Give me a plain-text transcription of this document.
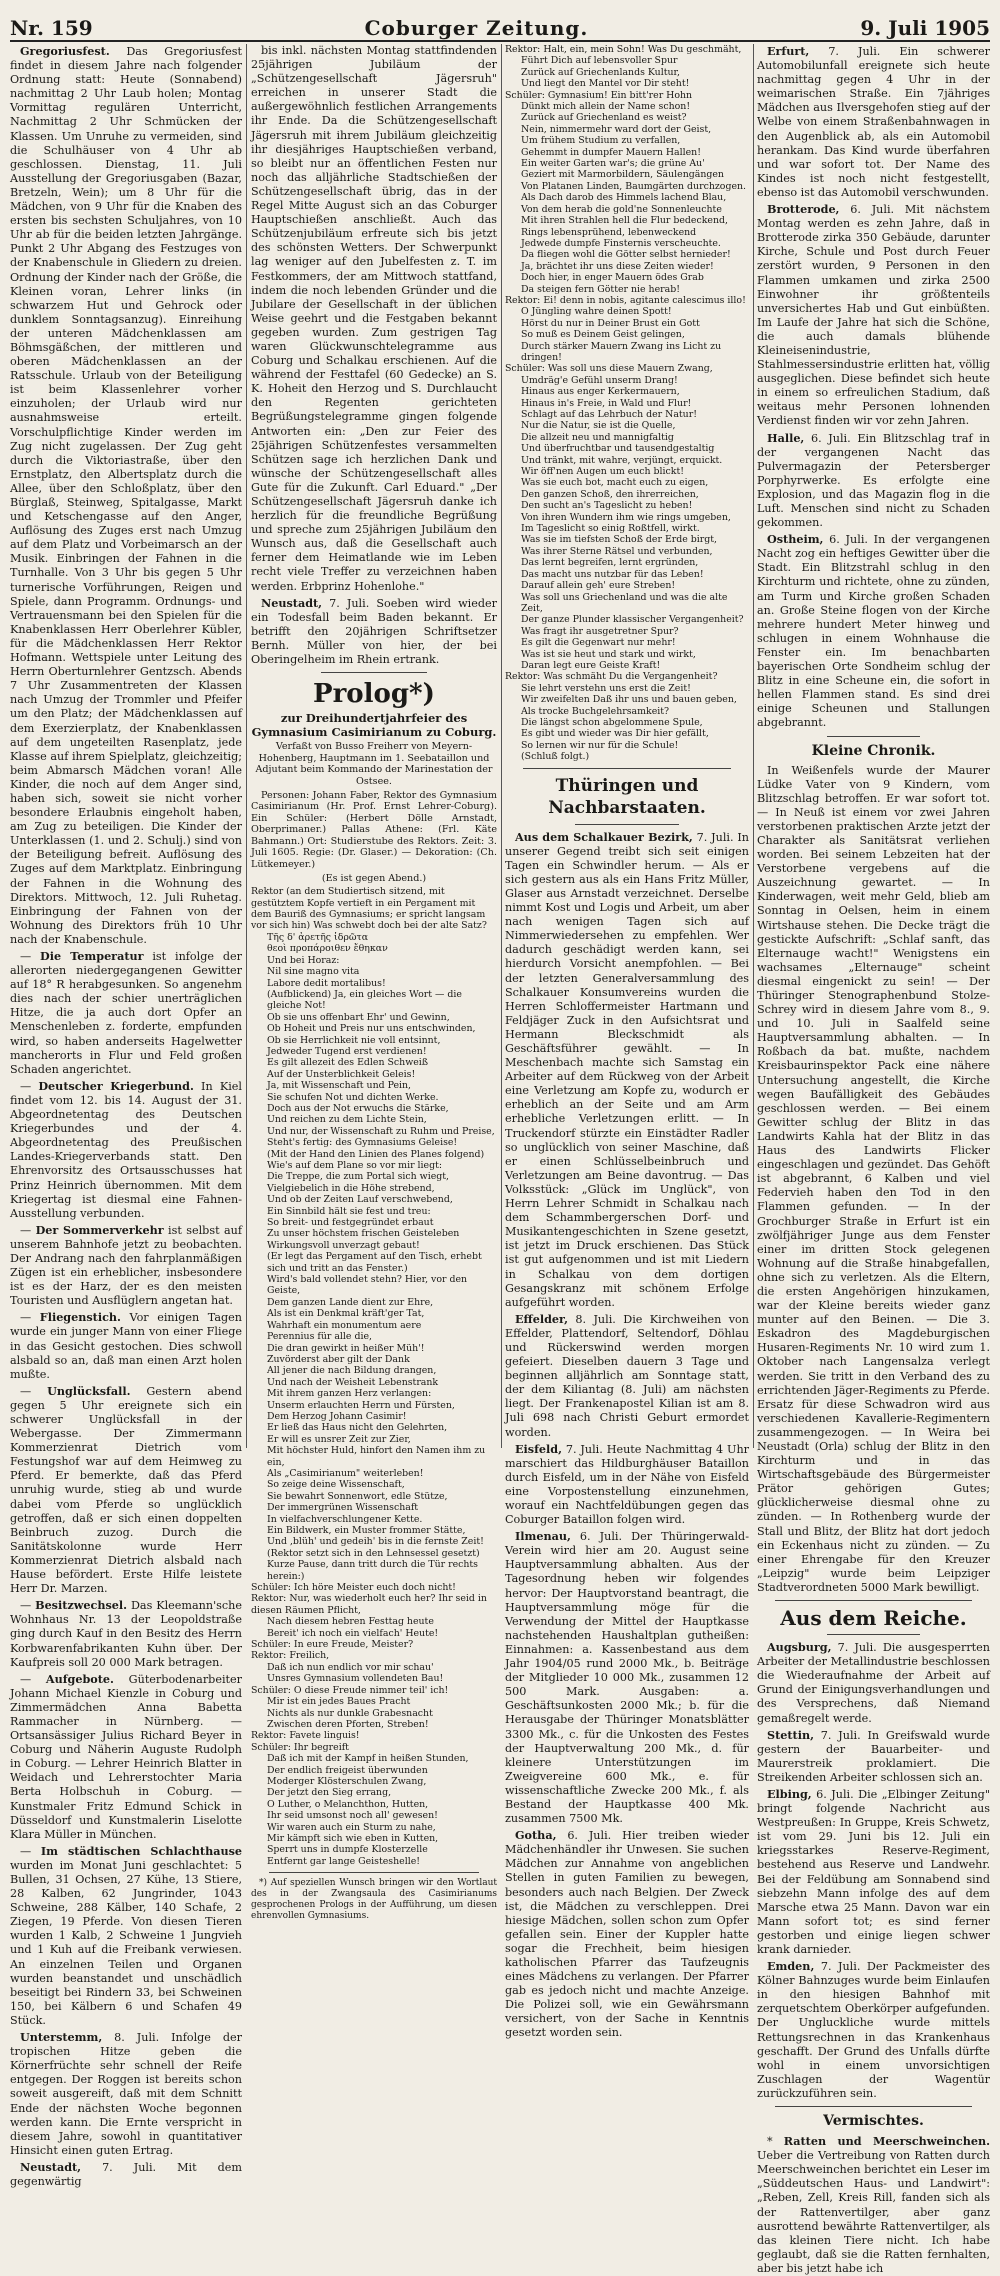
Nr. 159	Coburger Zeitung.	9. Juli 1905

Gregoriusfest. Das Gregoriusfest findet in diesem Jahre nach folgender Ordnung statt: Heute (Sonnabend) nachmittag 2 Uhr Laub holen; Montag Vormittag regulären Unterricht, Nachmittag 2 Uhr Schmücken der Klassen. Um Unruhe zu vermeiden, sind die Schulhäuser von 4 Uhr ab geschlossen. Dienstag, 11. Juli Ausstellung der Gregoriusgaben (Bazar, Bretzeln, Wein); um 8 Uhr für die Mädchen, von 9 Uhr für die Knaben des ersten bis sechsten Schuljahres, von 10 Uhr ab für die beiden letzten Jahrgänge. Punkt 2 Uhr Abgang des Festzuges von der Knabenschule in Gliedern zu dreien. Ordnung der Kinder nach der Größe, die Kleinen voran, Lehrer links (in schwarzem Hut und Gehrock oder dunklem Sonntagsanzug). Einreihung der unteren Mädchenklassen am Böhmsgäßchen, der mittleren und oberen Mädchenklassen an der Ratsschule. Urlaub von der Beteiligung ist beim Klassenlehrer vorher einzuholen; der Urlaub wird nur ausnahmsweise erteilt. Vorschulpflichtige Kinder werden im Zug nicht zugelassen. Der Zug geht durch die Viktoriastraße, über den Ernstplatz, den Albertsplatz durch die Allee, über den Schloßplatz, über den Bürglaß, Steinweg, Spitalgasse, Markt und Ketschengasse auf den Anger, Auflösung des Zuges erst nach Umzug auf dem Platz und Vorbeimarsch an der Musik. Einbringen der Fahnen in die Turnhalle. Von 3 Uhr bis gegen 5 Uhr turnerische Vorführungen, Reigen und Spiele, dann Programm. Ordnungs- und Vertrauensmann bei den Spielen für die Knabenklassen Herr Oberlehrer Kübler, für die Mädchenklassen Herr Rektor Hofmann. Wettspiele unter Leitung des Herrn Oberturnlehrer Gentzsch. Abends 7 Uhr Zusammentreten der Klassen nach Umzug der Trommler und Pfeifer um den Platz; der Mädchenklassen auf dem Exerzierplatz, der Knabenklassen auf dem ungeteilten Rasenplatz, jede Klasse auf ihrem Spielplatz, gleichzeitig; beim Abmarsch Mädchen voran! Alle Kinder, die noch auf dem Anger sind, haben sich, soweit sie nicht vorher besondere Erlaubnis eingeholt haben, am Zug zu beteiligen. Die Kinder der Unterklassen (1. und 2. Schulj.) sind von der Beteiligung befreit. Auflösung des Zuges auf dem Marktplatz. Einbringung der Fahnen in die Wohnung des Direktors. Mittwoch, 12. Juli Ruhetag. Einbringung der Fahnen von der Wohnung des Direktors früh 10 Uhr nach der Knabenschule.

— Die Temperatur ist infolge der allerorten niedergegangenen Gewitter auf 18° R herabgesunken. So angenehm dies nach der schier unerträglichen Hitze, die ja auch dort Opfer an Menschenleben z. forderte, empfunden wird, so haben anderseits Hagelwetter mancherorts in Flur und Feld großen Schaden angerichtet.

— Deutscher Kriegerbund. In Kiel findet vom 12. bis 14. August der 31. Abgeordnetentag des Deutschen Kriegerbundes und der 4. Abgeordnetentag des Preußischen Landes-Kriegerverbands statt. Den Ehrenvorsitz des Ortsausschusses hat Prinz Heinrich übernommen. Mit dem Kriegertag ist diesmal eine Fahnen-Ausstellung verbunden.

— Der Sommerverkehr ist selbst auf unserem Bahnhofe jetzt zu beobachten. Der Andrang nach den fahrplanmäßigen Zügen ist ein erheblicher, insbesondere ist es der Harz, der es den meisten Touristen und Ausflüglern angetan hat.

— Fliegenstich. Vor einigen Tagen wurde ein junger Mann von einer Fliege in das Gesicht gestochen. Dies schwoll alsbald so an, daß man einen Arzt holen mußte.

— Unglücksfall. Gestern abend gegen 5 Uhr ereignete sich ein schwerer Unglücksfall in der Webergasse. Der Zimmermann Kommerzienrat Dietrich vom Festungshof war auf dem Heimweg zu Pferd. Er bemerkte, daß das Pferd unruhig wurde, stieg ab und wurde dabei vom Pferde so unglücklich getroffen, daß er sich einen doppelten Beinbruch zuzog. Durch die Sanitätskolonne wurde Herr Kommerzienrat Dietrich alsbald nach Hause befördert. Erste Hilfe leistete Herr Dr. Marzen.

— Besitzwechsel. Das Kleemann'sche Wohnhaus Nr. 13 der Leopoldstraße ging durch Kauf in den Besitz des Herrn Korbwarenfabrikanten Kuhn über. Der Kaufpreis soll 20 000 Mark betragen.

— Aufgebote. Güterbodenarbeiter Johann Michael Kienzle in Coburg und Zimmermädchen Anna Babetta Rammacher in Nürnberg. — Ortsansässiger Julius Richard Beyer in Coburg und Näherin Auguste Rudolph in Coburg. — Lehrer Heinrich Blatter in Weidach und Lehrerstochter Maria Berta Holbschuh in Coburg. — Kunstmaler Fritz Edmund Schick in Düsseldorf und Kunstmalerin Liselotte Klara Müller in München.

— Im städtischen Schlachthause wurden im Monat Juni geschlachtet: 5 Bullen, 31 Ochsen, 27 Kühe, 13 Stiere, 28 Kalben, 62 Jungrinder, 1043 Schweine, 288 Kälber, 140 Schafe, 2 Ziegen, 19 Pferde. Von diesen Tieren wurden 1 Kalb, 2 Schweine 1 Jungvieh und 1 Kuh auf die Freibank verwiesen. An einzelnen Teilen und Organen wurden beanstandet und unschädlich beseitigt bei Rindern 33, bei Schweinen 150, bei Kälbern 6 und Schafen 49 Stück.

Unterstemm, 8. Juli. Infolge der tropischen Hitze geben die Körnerfrüchte sehr schnell der Reife entgegen. Der Roggen ist bereits schon soweit ausgereift, daß mit dem Schnitt Ende der nächsten Woche begonnen werden kann. Die Ernte verspricht in diesem Jahre, sowohl in quantitativer Hinsicht einen guten Ertrag.

Neustadt, 7. Juli. Mit dem gegenwärtig

bis inkl. nächsten Montag stattfindenden 25jährigen Jubiläum der „Schützengesellschaft Jägersruh" erreichen in unserer Stadt die außergewöhnlich festlichen Arrangements ihr Ende. Da die Schützengesellschaft Jägersruh mit ihrem Jubiläum gleichzeitig ihr diesjähriges Hauptschießen verband, so bleibt nur an öffentlichen Festen nur noch das alljährliche Stadtschießen der Schützengesellschaft übrig, das in der Regel Mitte August sich an das Coburger Hauptschießen anschließt. Auch das Schützenjubiläum erfreute sich bis jetzt des schönsten Wetters. Der Schwerpunkt lag weniger auf den Jubelfesten z. T. im Festkommers, der am Mittwoch stattfand, indem die noch lebenden Gründer und die Jubilare der Gesellschaft in der üblichen Weise geehrt und die Festgaben bekannt gegeben wurden. Zum gestrigen Tag waren Glückwunschtelegramme aus Coburg und Schalkau erschienen. Auf die während der Festtafel (60 Gedecke) an S. K. Hoheit den Herzog und S. Durchlaucht den Regenten gerichteten Begrüßungstelegramme gingen folgende Antworten ein: „Den zur Feier des 25jährigen Schützenfestes versammelten Schützen sage ich herzlichen Dank und wünsche der Schützengesellschaft alles Gute für die Zukunft. Carl Eduard." „Der Schützengesellschaft Jägersruh danke ich herzlich für die freundliche Begrüßung und spreche zum 25jährigen Jubiläum den Wunsch aus, daß die Gesellschaft auch ferner dem Heimatlande wie im Leben recht viele Treffer zu verzeichnen haben werden. Erbprinz Hohenlohe."

Neustadt, 7. Juli. Soeben wird wieder ein Todesfall beim Baden bekannt. Er betrifft den 20jährigen Schriftsetzer Bernh. Müller von hier, der bei Oberingelheim im Rhein ertrank.

Prolog*)

zur Dreihundertjahrfeier des Gymnasium Casimirianum zu Coburg.

Verfaßt von Busso Freiherr von Meyern-Hohenberg, Hauptmann im 1. Seebataillon und Adjutant beim Kommando der Marinestation der Ostsee.

Personen: Johann Faber, Rektor des Gymnasium Casimirianum (Hr. Prof. Ernst Lehrer-Coburg). Ein Schüler: (Herbert Dölle Arnstadt, Oberprimaner.) Pallas Athene: (Frl. Käte Bahmann.) Ort: Studierstube des Rektors. Zeit: 3. Juli 1605. Regie: (Dr. Glaser.) — Dekoration: (Ch. Lütkemeyer.)

(Es ist gegen Abend.)

Rektor (an dem Studiertisch sitzend, mit gestütztem Kopfe vertieft in ein Pergament mit dem Bauriß des Gymnasiums; er spricht langsam vor sich hin) Was schwebt doch bei der alte Satz?

Τῆς δ' ἀρετῆς ἱδρῶτα

θεοὶ προπάροιθεν ἔθηκαν

Und bei Horaz:

Nil sine magno vita

Labore dedit mortalibus!

(Aufblickend) Ja, ein gleiches Wort — die gleiche Not!

Ob sie uns offenbart Ehr' und Gewinn,

Ob Hoheit und Preis nur uns entschwinden,

Ob sie Herrlichkeit nie voll entsinnt,

Jedweder Tugend erst verdienen!

Es gilt allezeit des Edlen Schweiß

Auf der Unsterblichkeit Geleis!

Ja, mit Wissenschaft und Pein,

Sie schufen Not und dichten Werke.

Doch aus der Not erwuchs die Stärke,

Und reichen zu dem Lichte Stein,

Und nur, der Wissenschaft zu Ruhm und Preise,

Steht's fertig: des Gymnasiums Geleise!

(Mit der Hand den Linien des Planes folgend)

Wie's auf dem Plane so vor mir liegt:

Die Treppe, die zum Portal sich wiegt,

Vielgiebelich in die Höhe strebend,

Und ob der Zeiten Lauf verschwebend,

Ein Sinnbild hält sie fest und treu:

So breit- und festgegründet erbaut

Zu unser höchstem frischen Geisteleben

Wirkungsvoll unverzagt gebaut!

(Er legt das Pergament auf den Tisch, erhebt sich und tritt an das Fenster.)

Wird's bald vollendet stehn? Hier, vor den Geiste,

Dem ganzen Lande dient zur Ehre,

Als ist ein Denkmal kräft'ger Tat,

Wahrhaft ein monumentum aere

Perennius für alle die,

Die dran gewirkt in heißer Müh'!

Zuvörderst aber gilt der Dank

All jener die nach Bildung drangen,

Und nach der Weisheit Lebenstrank

Mit ihrem ganzen Herz verlangen:

Unserm erlauchten Herrn und Fürsten,

Dem Herzog Johann Casimir!

Er ließ das Haus nicht den Gelehrten,

Er will es unsrer Zeit zur Zier,

Mit höchster Huld, hinfort den Namen ihm zu ein,

Als „Casimirianum" weiterleben!

So zeige deine Wissenschaft,

Sie bewahrt Sonnenwort, edle Stütze,

Der immergrünen Wissenschaft

In vielfachverschlungener Kette.

Ein Bildwerk, ein Muster frommer Stätte,

Und ‚blüh' und gedeih' bis in die fernste Zeit!

(Rektor setzt sich in den Lehnsessel gesetzt)

Kurze Pause, dann tritt durch die Tür rechts herein:)

Schüler: Ich höre Meister euch doch nicht!

Rektor: Nur, was wiederholt euch her? Ihr seid in diesen Räumen Pflicht,

Nach diesem hebren Festtag heute

Bereit' ich noch ein vielfach' Heute!

Schüler: In eure Freude, Meister?

Rektor: Freilich,

Daß ich nun endlich vor mir schau'

Unsres Gymnasium vollendeten Bau!

Schüler: O diese Freude nimmer teil' ich!

Mir ist ein jedes Baues Pracht

Nichts als nur dunkle Grabesnacht

Zwischen deren Pforten, Streben!

Rektor: Favete linguis!

Schüler: Ihr begreift

Daß ich mit der Kampf in heißen Stunden,

Der endlich freigeist überwunden

Moderger Klösterschulen Zwang,

Der jetzt den Sieg errang,

O Luther, o Melanchthon, Hutten,

Ihr seid umsonst noch all' gewesen!

Wir waren auch ein Sturm zu nahe,

Mir kämpft sich wie eben in Kutten,

Sperrt uns in dumpfe Klosterzelle

Entfernt gar lange Geisteshelle!

*) Auf speziellen Wunsch bringen wir den Wortlaut des in der Zwangsaula des Casimirianums gesprochenen Prologs in der Aufführung, um diesen ehrenvollen Gymnasiums.

Rektor: Halt, ein, mein Sohn! Was Du geschmäht,

Führt Dich auf lebensvoller Spur

Zurück auf Griechenlands Kultur,

Und liegt den Mantel vor Dir steht!

Schüler: Gymnasium! Ein bitt'rer Hohn

Dünkt mich allein der Name schon!

Zurück auf Griechenland es weist?

Nein, nimmermehr ward dort der Geist,

Um frühem Studium zu verfallen,

Gehemmt in dumpfer Mauern Hallen!

Ein weiter Garten war's; die grüne Au'

Geziert mit Marmorbildern, Säulengängen

Von Platanen Linden, Baumgärten durchzogen.

Als Dach darob des Himmels lachend Blau,

Von dem herab die gold'ne Sonnenleuchte

Mit ihren Strahlen hell die Flur bedeckend,

Rings lebensprühend, lebenweckend

Jedwede dumpfe Finsternis verscheuchte.

Da fliegen wohl die Götter selbst hernieder!

Ja, brächtet ihr uns diese Zeiten wieder!

Doch hier, in enger Mauern ödes Grab

Da steigen fern Götter nie herab!

Rektor: Ei! denn in nobis, agitante calescimus illo!

O Jüngling wahre deinen Spott!

Hörst du nur in Deiner Brust ein Gott

So muß es Deinem Geist gelingen,

Durch stärker Mauern Zwang ins Licht zu dringen!

Schüler: Was soll uns diese Mauern Zwang,

Umdräg'e Gefühl unserm Drang!

Hinaus aus enger Kerkermauern,

Hinaus in's Freie, in Wald und Flur!

Schlagt auf das Lehrbuch der Natur!

Nur die Natur, sie ist die Quelle,

Die allzeit neu und mannigfaltig

Und überfruchtbar und tausendgestaltig

Und tränkt, mit wahre, verjüngt, erquickt.

Wir öff'nen Augen um euch blickt!

Was sie euch bot, macht euch zu eigen,

Den ganzen Schoß, den ihrerreichen,

Den sucht an's Tageslicht zu heben!

Von ihren Wundern ihm wie rings umgeben,

Im Tageslicht so einig Roßtfell, wirkt.

Was sie im tiefsten Schoß der Erde birgt,

Was ihrer Sterne Rätsel und verbunden,

Das lernt begreifen, lernt ergründen,

Das macht uns nutzbar für das Leben!

Darauf allein geh' eure Streben!

Was soll uns Griechenland und was die alte Zeit,

Der ganze Plunder klassischer Vergangenheit?

Was fragt ihr ausgetretner Spur?

Es gilt die Gegenwart nur mehr!

Was ist sie heut und stark und wirkt,

Daran legt eure Geiste Kraft!

Rektor: Was schmäht Du die Vergangenheit?

Sie lehrt verstehn uns erst die Zeit!

Wir zweifelten Daß ihr uns und bauen geben,

Als trocke Buchgelehrsamkeit?

Die längst schon abgelommene Spule,

Es gibt und wieder was Dir hier gefällt,

So lernen wir nur für die Schule!

(Schluß folgt.)

Thüringen und Nachbarstaaten.

Aus dem Schalkauer Bezirk, 7. Juli. In unserer Gegend treibt sich seit einigen Tagen ein Schwindler herum. — Als er sich gestern aus als ein Hans Fritz Müller, Glaser aus Arnstadt verzeichnet. Derselbe nimmt Kost und Logis und Arbeit, um aber nach wenigen Tagen sich auf Nimmerwiedersehen zu empfehlen. Wer dadurch geschädigt werden kann, sei hierdurch Vorsicht anempfohlen. — Bei der letzten Generalversammlung des Schalkauer Konsumvereins wurden die Herren Schloffermeister Hartmann und Feldjäger Zuck in den Aufsichtsrat und Hermann Bleckschmidt als Geschäftsführer gewählt. — In Meschenbach machte sich Samstag ein Arbeiter auf dem Rückweg von der Arbeit eine Verletzung am Kopfe zu, wodurch er erheblich an der Seite und am Arm erhebliche Verletzungen erlitt. — In Truckendorf stürzte ein Einstädter Radler so unglücklich von seiner Maschine, daß er einen Schlüsselbeinbruch und Verletzungen am Beine davontrug. — Das Volksstück: „Glück im Unglück", von Herrn Lehrer Schmidt in Schalkau nach dem Schammbergerschen Dorf- und Musikantengeschichten in Szene gesetzt, ist jetzt im Druck erschienen. Das Stück ist gut aufgenommen und ist mit Liedern in Schalkau von dem dortigen Gesangskranz mit schönem Erfolge aufgeführt worden.

Effelder, 8. Juli. Die Kirchweihen von Effelder, Plattendorf, Seltendorf, Döhlau und Rückerswind werden morgen gefeiert. Dieselben dauern 3 Tage und beginnen alljährlich am Sonntage statt, der dem Kiliantag (8. Juli) am nächsten liegt. Der Frankenapostel Kilian ist am 8. Juli 698 nach Christi Geburt ermordet worden.

Eisfeld, 7. Juli. Heute Nachmittag 4 Uhr marschiert das Hildburghäuser Bataillon durch Eisfeld, um in der Nähe von Eisfeld eine Vorpostenstellung einzunehmen, worauf ein Nachtfeldübungen gegen das Coburger Bataillon folgen wird.

Ilmenau, 6. Juli. Der Thüringerwald-Verein wird hier am 20. August seine Hauptversammlung abhalten. Aus der Tagesordnung heben wir folgendes hervor: Der Hauptvorstand beantragt, die Hauptversammlung möge für die Verwendung der Mittel der Hauptkasse nachstehenden Haushaltplan gutheißen: Einnahmen: a. Kassenbestand aus dem Jahr 1904/05 rund 2000 Mk., b. Beiträge der Mitglieder 10 000 Mk., zusammen 12 500 Mark. Ausgaben: a. Geschäftsunkosten 2000 Mk.; b. für die Herausgabe der Thüringer Monatsblätter 3300 Mk., c. für die Unkosten des Festes der Hauptverwaltung 200 Mk., d. für kleinere Unterstützungen im Zweigvereine 600 Mk., e. für wissenschaftliche Zwecke 200 Mk., f. als Bestand der Hauptkasse 400 Mk. zusammen 7500 Mk.

Gotha, 6. Juli. Hier treiben wieder Mädchenhändler ihr Unwesen. Sie suchen Mädchen zur Annahme von angeblichen Stellen in guten Familien zu bewegen, besonders auch nach Belgien. Der Zweck ist, die Mädchen zu verschleppen. Drei hiesige Mädchen, sollen schon zum Opfer gefallen sein. Einer der Kuppler hatte sogar die Frechheit, beim hiesigen katholischen Pfarrer das Taufzeugnis eines Mädchens zu verlangen. Der Pfarrer gab es jedoch nicht und machte Anzeige. Die Polizei soll, wie ein Gewährsmann versichert, von der Sache in Kenntnis gesetzt worden sein.

Erfurt, 7. Juli. Ein schwerer Automobilunfall ereignete sich heute nachmittag gegen 4 Uhr in der weimarischen Straße. Ein 7jähriges Mädchen aus Ilversgehofen stieg auf der Welbe von einem Straßenbahnwagen in den Augenblick ab, als ein Automobil herankam. Das Kind wurde überfahren und war sofort tot. Der Name des Kindes ist noch nicht festgestellt, ebenso ist das Automobil verschwunden.

Brotterode, 6. Juli. Mit nächstem Montag werden es zehn Jahre, daß in Brotterode zirka 350 Gebäude, darunter Kirche, Schule und Post durch Feuer zerstört wurden, 9 Personen in den Flammen umkamen und zirka 2500 Einwohner ihr größtenteils unversichertes Hab und Gut einbüßten. Im Laufe der Jahre hat sich die Schöne, die auch damals blühende Kleineisenindustrie, Stahlmessersindustrie erlitten hat, völlig ausgeglichen. Diese befindet sich heute in einem so erfreulichen Stadium, daß weitaus mehr Personen lohnenden Verdienst finden wir vor zehn Jahren.

Halle, 6. Juli. Ein Blitzschlag traf in der vergangenen Nacht das Pulvermagazin der Petersberger Porphyrwerke. Es erfolgte eine Explosion, und das Magazin flog in die Luft. Menschen sind nicht zu Schaden gekommen.

Ostheim, 6. Juli. In der vergangenen Nacht zog ein heftiges Gewitter über die Stadt. Ein Blitzstrahl schlug in den Kirchturm und richtete, ohne zu zünden, am Turm und Kirche großen Schaden an. Große Steine flogen von der Kirche mehrere hundert Meter hinweg und schlugen in einem Wohnhause die Fenster ein. Im benachbarten bayerischen Orte Sondheim schlug der Blitz in eine Scheune ein, die sofort in hellen Flammen stand. Es sind drei einige Scheunen und Stallungen abgebrannt.

Kleine Chronik.

In Weißenfels wurde der Maurer Lüdke Vater von 9 Kindern, vom Blitzschlag betroffen. Er war sofort tot. — In Neuß ist einem vor zwei Jahren verstorbenen praktischen Arzte jetzt der Charakter als Sanitätsrat verliehen worden. Bei seinem Lebzeiten hat der Verstorbene vergebens auf die Auszeichnung gewartet. — In Kinderwagen, weit mehr Geld, blieb am Sonntag in Oelsen, heim in einem Wirtshause stehen. Die Decke trägt die gestickte Aufschrift: „Schlaf sanft, das Elternauge wacht!" Wenigstens ein wachsames „Elternauge" scheint diesmal eingenickt zu sein! — Der Thüringer Stenographenbund Stolze-Schrey wird in diesem Jahre vom 8., 9. und 10. Juli in Saalfeld seine Hauptversammlung abhalten. — In Roßbach da bat. mußte, nachdem Kreisbaurinspektor Pack eine nähere Untersuchung angestellt, die Kirche wegen Baufälligkeit des Gebäudes geschlossen werden. — Bei einem Gewitter schlug der Blitz in das Landwirts Kahla hat der Blitz in das Haus des Landwirts Flicker eingeschlagen und gezündet. Das Gehöft ist abgebrannt, 6 Kalben und viel Federvieh haben den Tod in den Flammen gefunden. — In der Grochburger Straße in Erfurt ist ein zwölfjähriger Junge aus dem Fenster einer im dritten Stock gelegenen Wohnung auf die Straße hinabgefallen, ohne sich zu verletzen. Als die Eltern, die ersten Angehörigen hinzukamen, war der Kleine bereits wieder ganz munter auf den Beinen. — Die 3. Eskadron des Magdeburgischen Husaren-Regiments Nr. 10 wird zum 1. Oktober nach Langensalza verlegt werden. Sie tritt in den Verband des zu errichtenden Jäger-Regiments zu Pferde. Ersatz für diese Schwadron wird aus verschiedenen Kavallerie-Regimentern zusammengezogen. — In Weira bei Neustadt (Orla) schlug der Blitz in den Kirchturm und in das Wirtschaftsgebäude des Bürgermeister Prätor gehörigen Gutes; glücklicherweise diesmal ohne zu zünden. — In Rothenberg wurde der Stall und Blitz, der Blitz hat dort jedoch ein Eckenhaus nicht zu zünden. — Zu einer Ehrengabe für den Kreuzer „Leipzig" wurde beim Leipziger Stadtverordneten 5000 Mark bewilligt.

Aus dem Reiche.

Augsburg, 7. Juli. Die ausgesperrten Arbeiter der Metallindustrie beschlossen die Wiederaufnahme der Arbeit auf Grund der Einigungsverhandlungen und des Versprechens, daß Niemand gemaßregelt werde.

Stettin, 7. Juli. In Greifswald wurde gestern der Bauarbeiter- und Maurerstreik proklamiert. Die Streikenden Arbeiter schlossen sich an.

Elbing, 6. Juli. Die „Elbinger Zeitung" bringt folgende Nachricht aus Westpreußen: In Gruppe, Kreis Schwetz, ist vom 29. Juni bis 12. Juli ein kriegsstarkes Reserve-Regiment, bestehend aus Reserve und Landwehr. Bei der Feldübung am Sonnabend sind siebzehn Mann infolge des auf dem Marsche etwa 25 Mann. Davon war ein Mann sofort tot; es sind ferner gestorben und einige liegen schwer krank darnieder.

Emden, 7. Juli. Der Packmeister des Kölner Bahnzuges wurde beim Einlaufen in den hiesigen Bahnhof mit zerquetschtem Oberkörper aufgefunden. Der Ungluckliche wurde mittels Rettungsrechnen in das Krankenhaus geschafft. Der Grund des Unfalls dürfte wohl in einem unvorsichtigen Zuschlagen der Wagentür zurückzuführen sein.

Vermischtes.

* Ratten und Meerschweinchen. Ueber die Vertreibung von Ratten durch Meerschweinchen berichtet ein Leser im „Süddeutschen Haus- und Landwirt": „Reben, Zell, Kreis Rill, fanden sich als der Rattenvertilger, aber ganz ausrottend bewährte Rattenvertilger, als das kleinen Tiere nicht. Ich habe geglaubt, daß sie die Ratten fernhalten, aber bis jetzt habe ich
